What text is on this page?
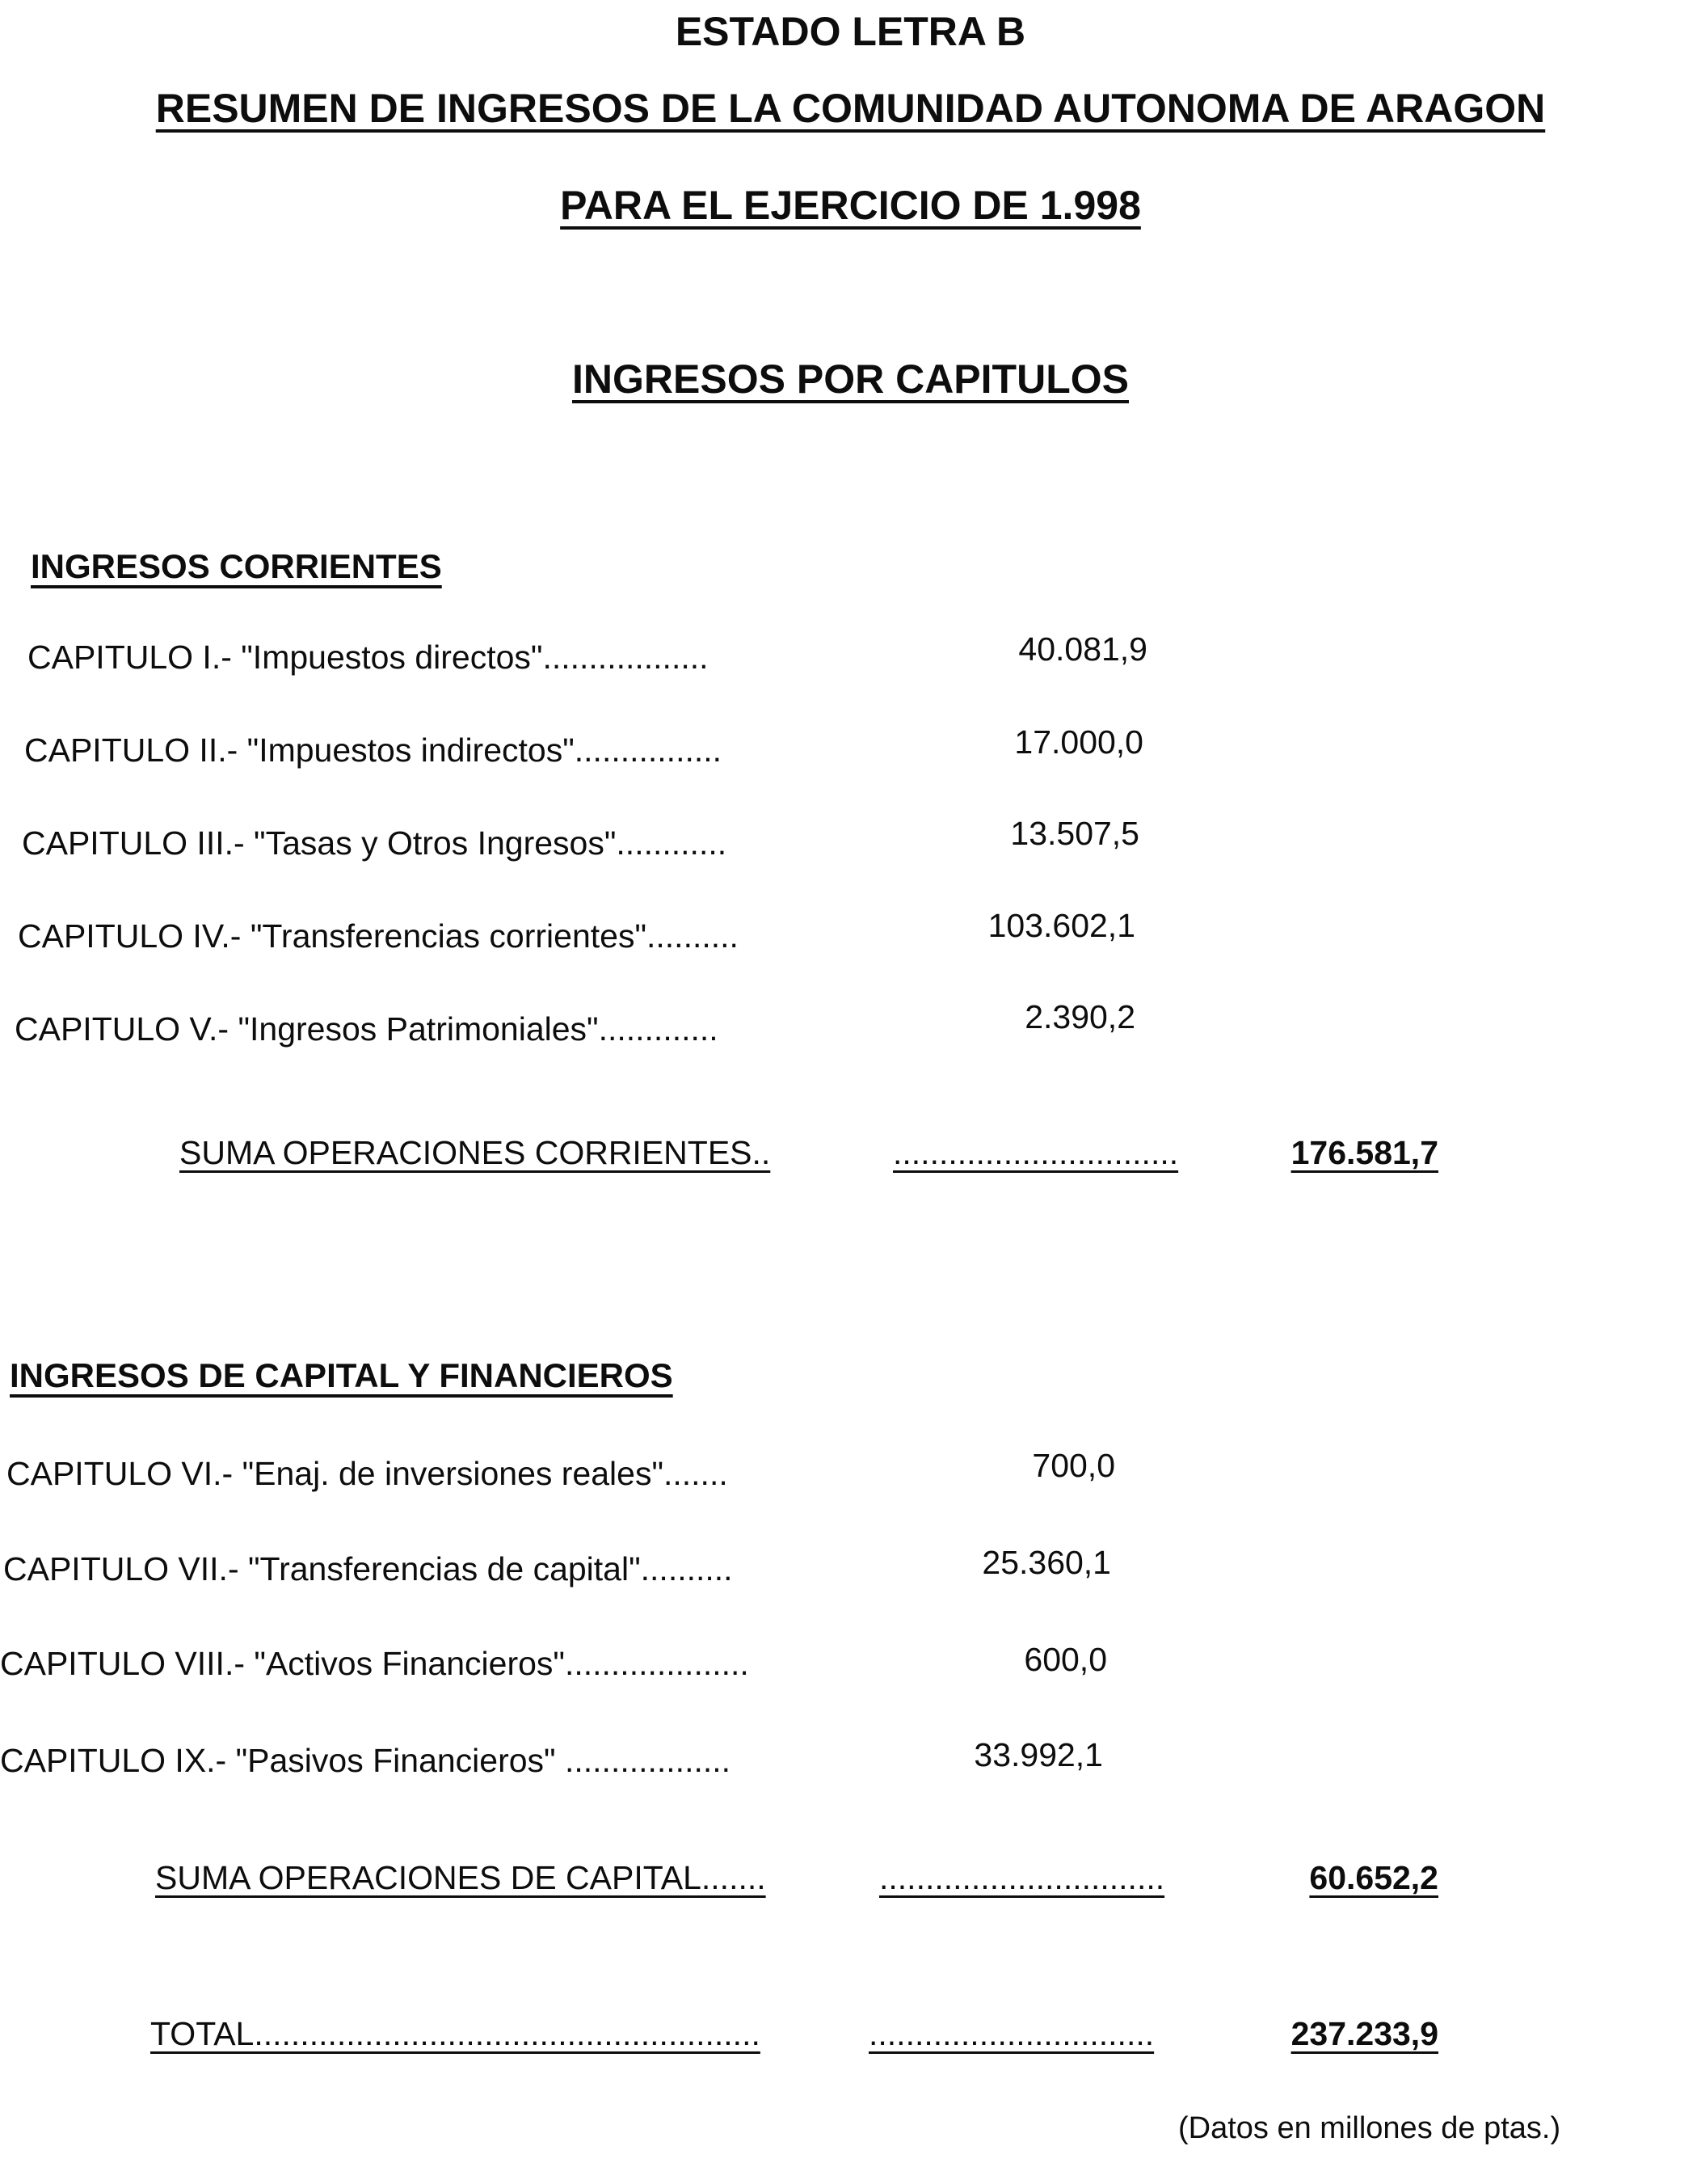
ESTADO LETRA B
RESUMEN DE INGRESOS DE LA COMUNIDAD AUTONOMA DE ARAGON
PARA EL EJERCICIO DE 1.998
INGRESOS POR CAPITULOS
INGRESOS CORRIENTES
CAPITULO I.- "Impuestos directos"..................	40.081,9
CAPITULO II.- "Impuestos indirectos"................	17.000,0
CAPITULO III.- "Tasas y Otros Ingresos"............	13.507,5
CAPITULO IV.- "Transferencias corrientes"..........	103.602,1
CAPITULO V.- "Ingresos Patrimoniales".............	2.390,2
SUMA OPERACIONES CORRIENTES..	...............................	176.581,7
INGRESOS DE CAPITAL Y FINANCIEROS
CAPITULO VI.- "Enaj. de inversiones reales".......	700,0
CAPITULO VII.- "Transferencias de capital"..........	25.360,1
CAPITULO VIII.- "Activos Financieros"....................	600,0
CAPITULO IX.- "Pasivos Financieros" ..................	33.992,1
SUMA OPERACIONES DE CAPITAL.......	...............................	60.652,2
TOTAL.......................................................	...............................	237.233,9
(Datos en millones de ptas.)
